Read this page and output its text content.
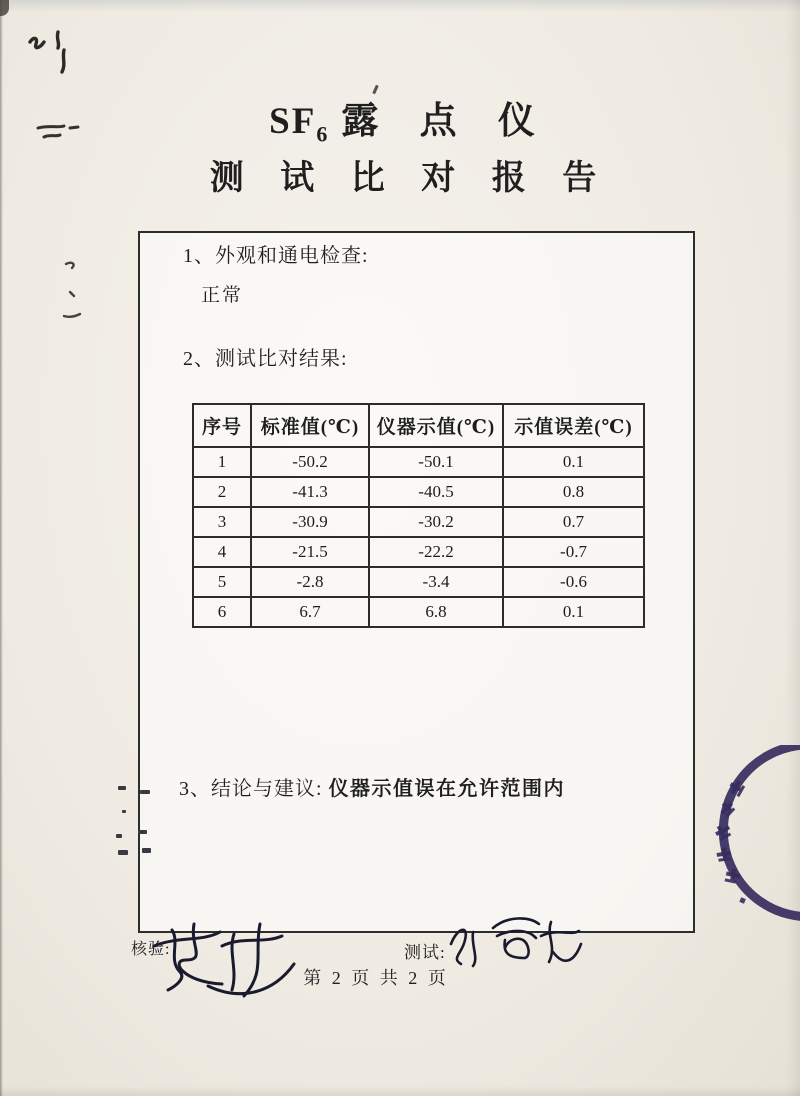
$SF_6$ 露 点 仪
测 试 比 对 报 告
1、外观和通电检查:
正常
2、测试比对结果:
序号	标准值(℃)	仪器示值(℃)	示值误差(℃)
1	-50.2	-50.1	0.1
2	-41.3	-40.5	0.8
3	-30.9	-30.2	0.7
4	-21.5	-22.2	-0.7
5	-2.8	-3.4	-0.6
6	6.7	6.8	0.1
3、结论与建议: 仪器示值误在允许范围内
核验:	测试:
第 2 页 共 2 页
